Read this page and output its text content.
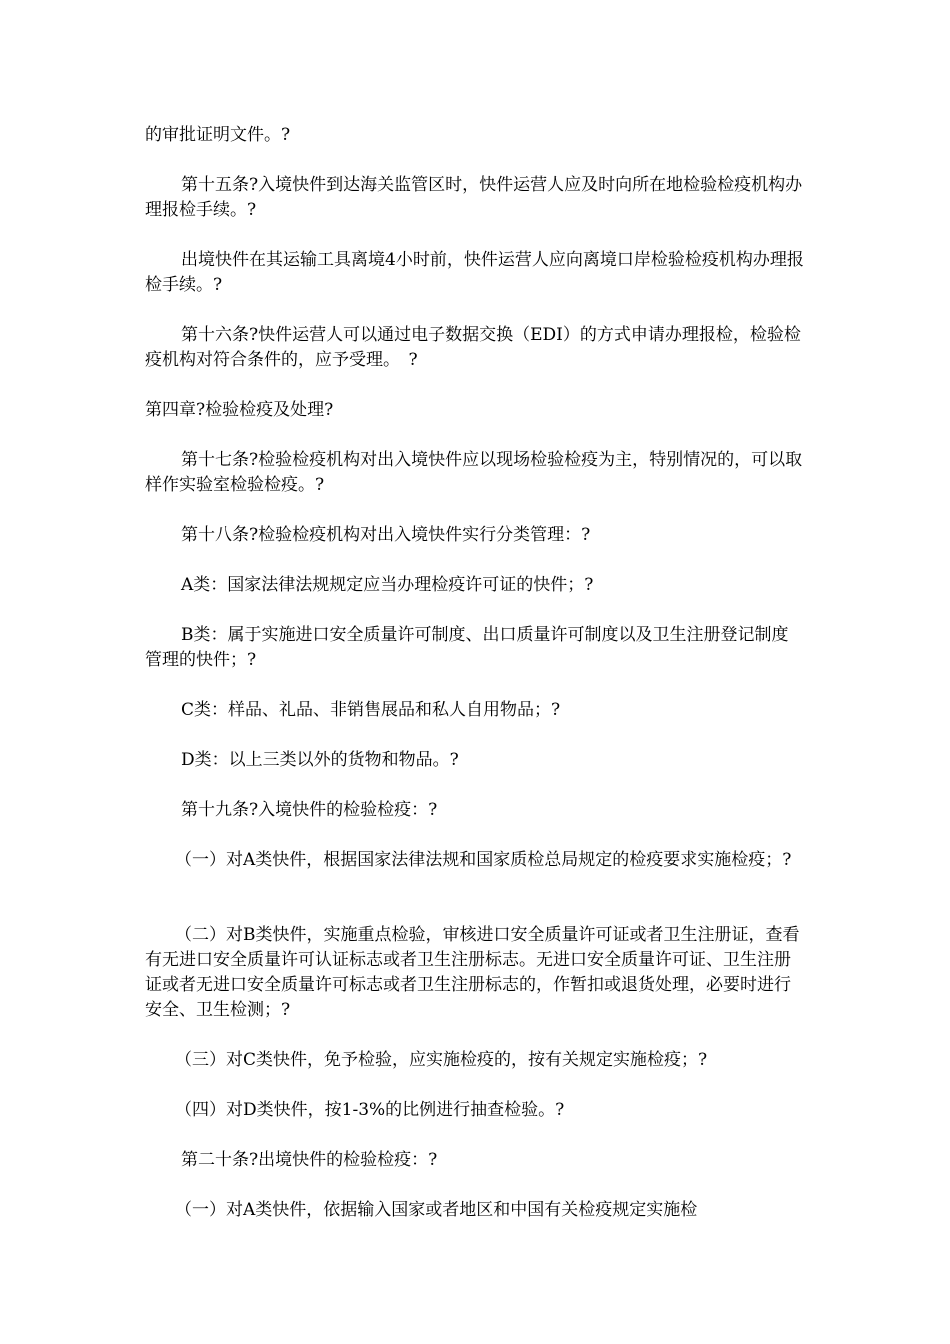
的审批证明文件。?

第十五条?入境快件到达海关监管区时，快件运营人应及时向所在地检验检疫机构办理报检手续。?

出境快件在其运输工具离境4小时前，快件运营人应向离境口岸检验检疫机构办理报检手续。?

第十六条?快件运营人可以通过电子数据交换（EDI）的方式申请办理报检，检验检疫机构对符合条件的，应予受理。　?

第四章?检验检疫及处理?

第十七条?检验检疫机构对出入境快件应以现场检验检疫为主，特别情况的，可以取样作实验室检验检疫。?

第十八条?检验检疫机构对出入境快件实行分类管理：?

A类：国家法律法规规定应当办理检疫许可证的快件；?

B类：属于实施进口安全质量许可制度、出口质量许可制度以及卫生注册登记制度管理的快件；?

C类：样品、礼品、非销售展品和私人自用物品；?

D类：以上三类以外的货物和物品。?

第十九条?入境快件的检验检疫：?

（一）对A类快件，根据国家法律法规和国家质检总局规定的检疫要求实施检疫；?

（二）对B类快件，实施重点检验，审核进口安全质量许可证或者卫生注册证，查看有无进口安全质量许可认证标志或者卫生注册标志。无进口安全质量许可证、卫生注册证或者无进口安全质量许可标志或者卫生注册标志的，作暂扣或退货处理，必要时进行安全、卫生检测；?

（三）对C类快件，免予检验，应实施检疫的，按有关规定实施检疫；?

（四）对D类快件，按1-3%的比例进行抽查检验。?

第二十条?出境快件的检验检疫：?

（一）对A类快件，依据输入国家或者地区和中国有关检疫规定实施检
